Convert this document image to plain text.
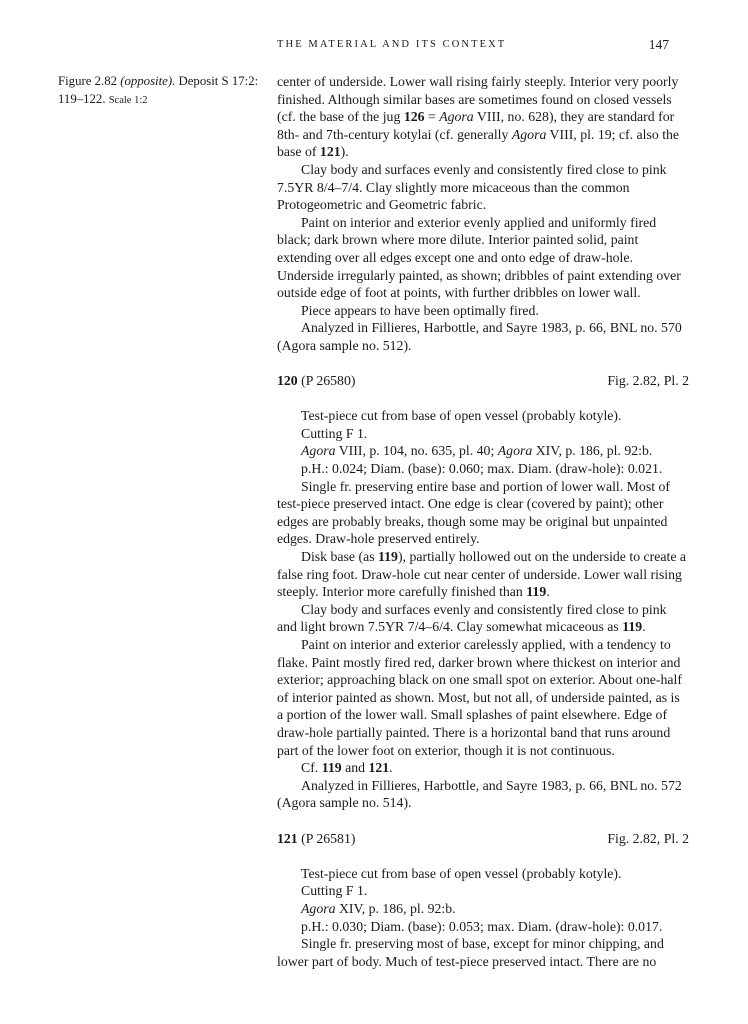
THE MATERIAL AND ITS CONTEXT	147
Figure 2.82 (opposite). Deposit S 17:2: 119–122. Scale 1:2

center of underside. Lower wall rising fairly steeply. Interior very poorly finished. Although similar bases are sometimes found on closed vessels (cf. the base of the jug 126 = Agora VIII, no. 628), they are standard for 8th- and 7th-century kotylai (cf. generally Agora VIII, pl. 19; cf. also the base of 121).

Clay body and surfaces evenly and consistently fired close to pink 7.5YR 8/4–7/4. Clay slightly more micaceous than the common Protogeometric and Geometric fabric.

Paint on interior and exterior evenly applied and uniformly fired black; dark brown where more dilute. Interior painted solid, paint extending over all edges except one and onto edge of draw-hole. Underside irregularly painted, as shown; dribbles of paint extending over outside edge of foot at points, with further dribbles on lower wall.

Piece appears to have been optimally fired.

Analyzed in Fillieres, Harbottle, and Sayre 1983, p. 66, BNL no. 570 (Agora sample no. 512).

120 (P 26580)	Fig. 2.82, Pl. 2

Test-piece cut from base of open vessel (probably kotyle).

Cutting F 1.

Agora VIII, p. 104, no. 635, pl. 40; Agora XIV, p. 186, pl. 92:b.

p.H.: 0.024; Diam. (base): 0.060; max. Diam. (draw-hole): 0.021.

Single fr. preserving entire base and portion of lower wall. Most of test-piece preserved intact. One edge is clear (covered by paint); other edges are probably breaks, though some may be original but unpainted edges. Draw-hole preserved entirely.

Disk base (as 119), partially hollowed out on the underside to create a false ring foot. Draw-hole cut near center of underside. Lower wall rising steeply. Interior more carefully finished than 119.

Clay body and surfaces evenly and consistently fired close to pink and light brown 7.5YR 7/4–6/4. Clay somewhat micaceous as 119.

Paint on interior and exterior carelessly applied, with a tendency to flake. Paint mostly fired red, darker brown where thickest on interior and exterior; approaching black on one small spot on exterior. About one-half of interior painted as shown. Most, but not all, of underside painted, as is a portion of the lower wall. Small splashes of paint elsewhere. Edge of draw-hole partially painted. There is a horizontal band that runs around part of the lower foot on exterior, though it is not continuous.

Cf. 119 and 121.

Analyzed in Fillieres, Harbottle, and Sayre 1983, p. 66, BNL no. 572 (Agora sample no. 514).

121 (P 26581)	Fig. 2.82, Pl. 2

Test-piece cut from base of open vessel (probably kotyle).

Cutting F 1.

Agora XIV, p. 186, pl. 92:b.

p.H.: 0.030; Diam. (base): 0.053; max. Diam. (draw-hole): 0.017.

Single fr. preserving most of base, except for minor chipping, and lower part of body. Much of test-piece preserved intact. There are no
